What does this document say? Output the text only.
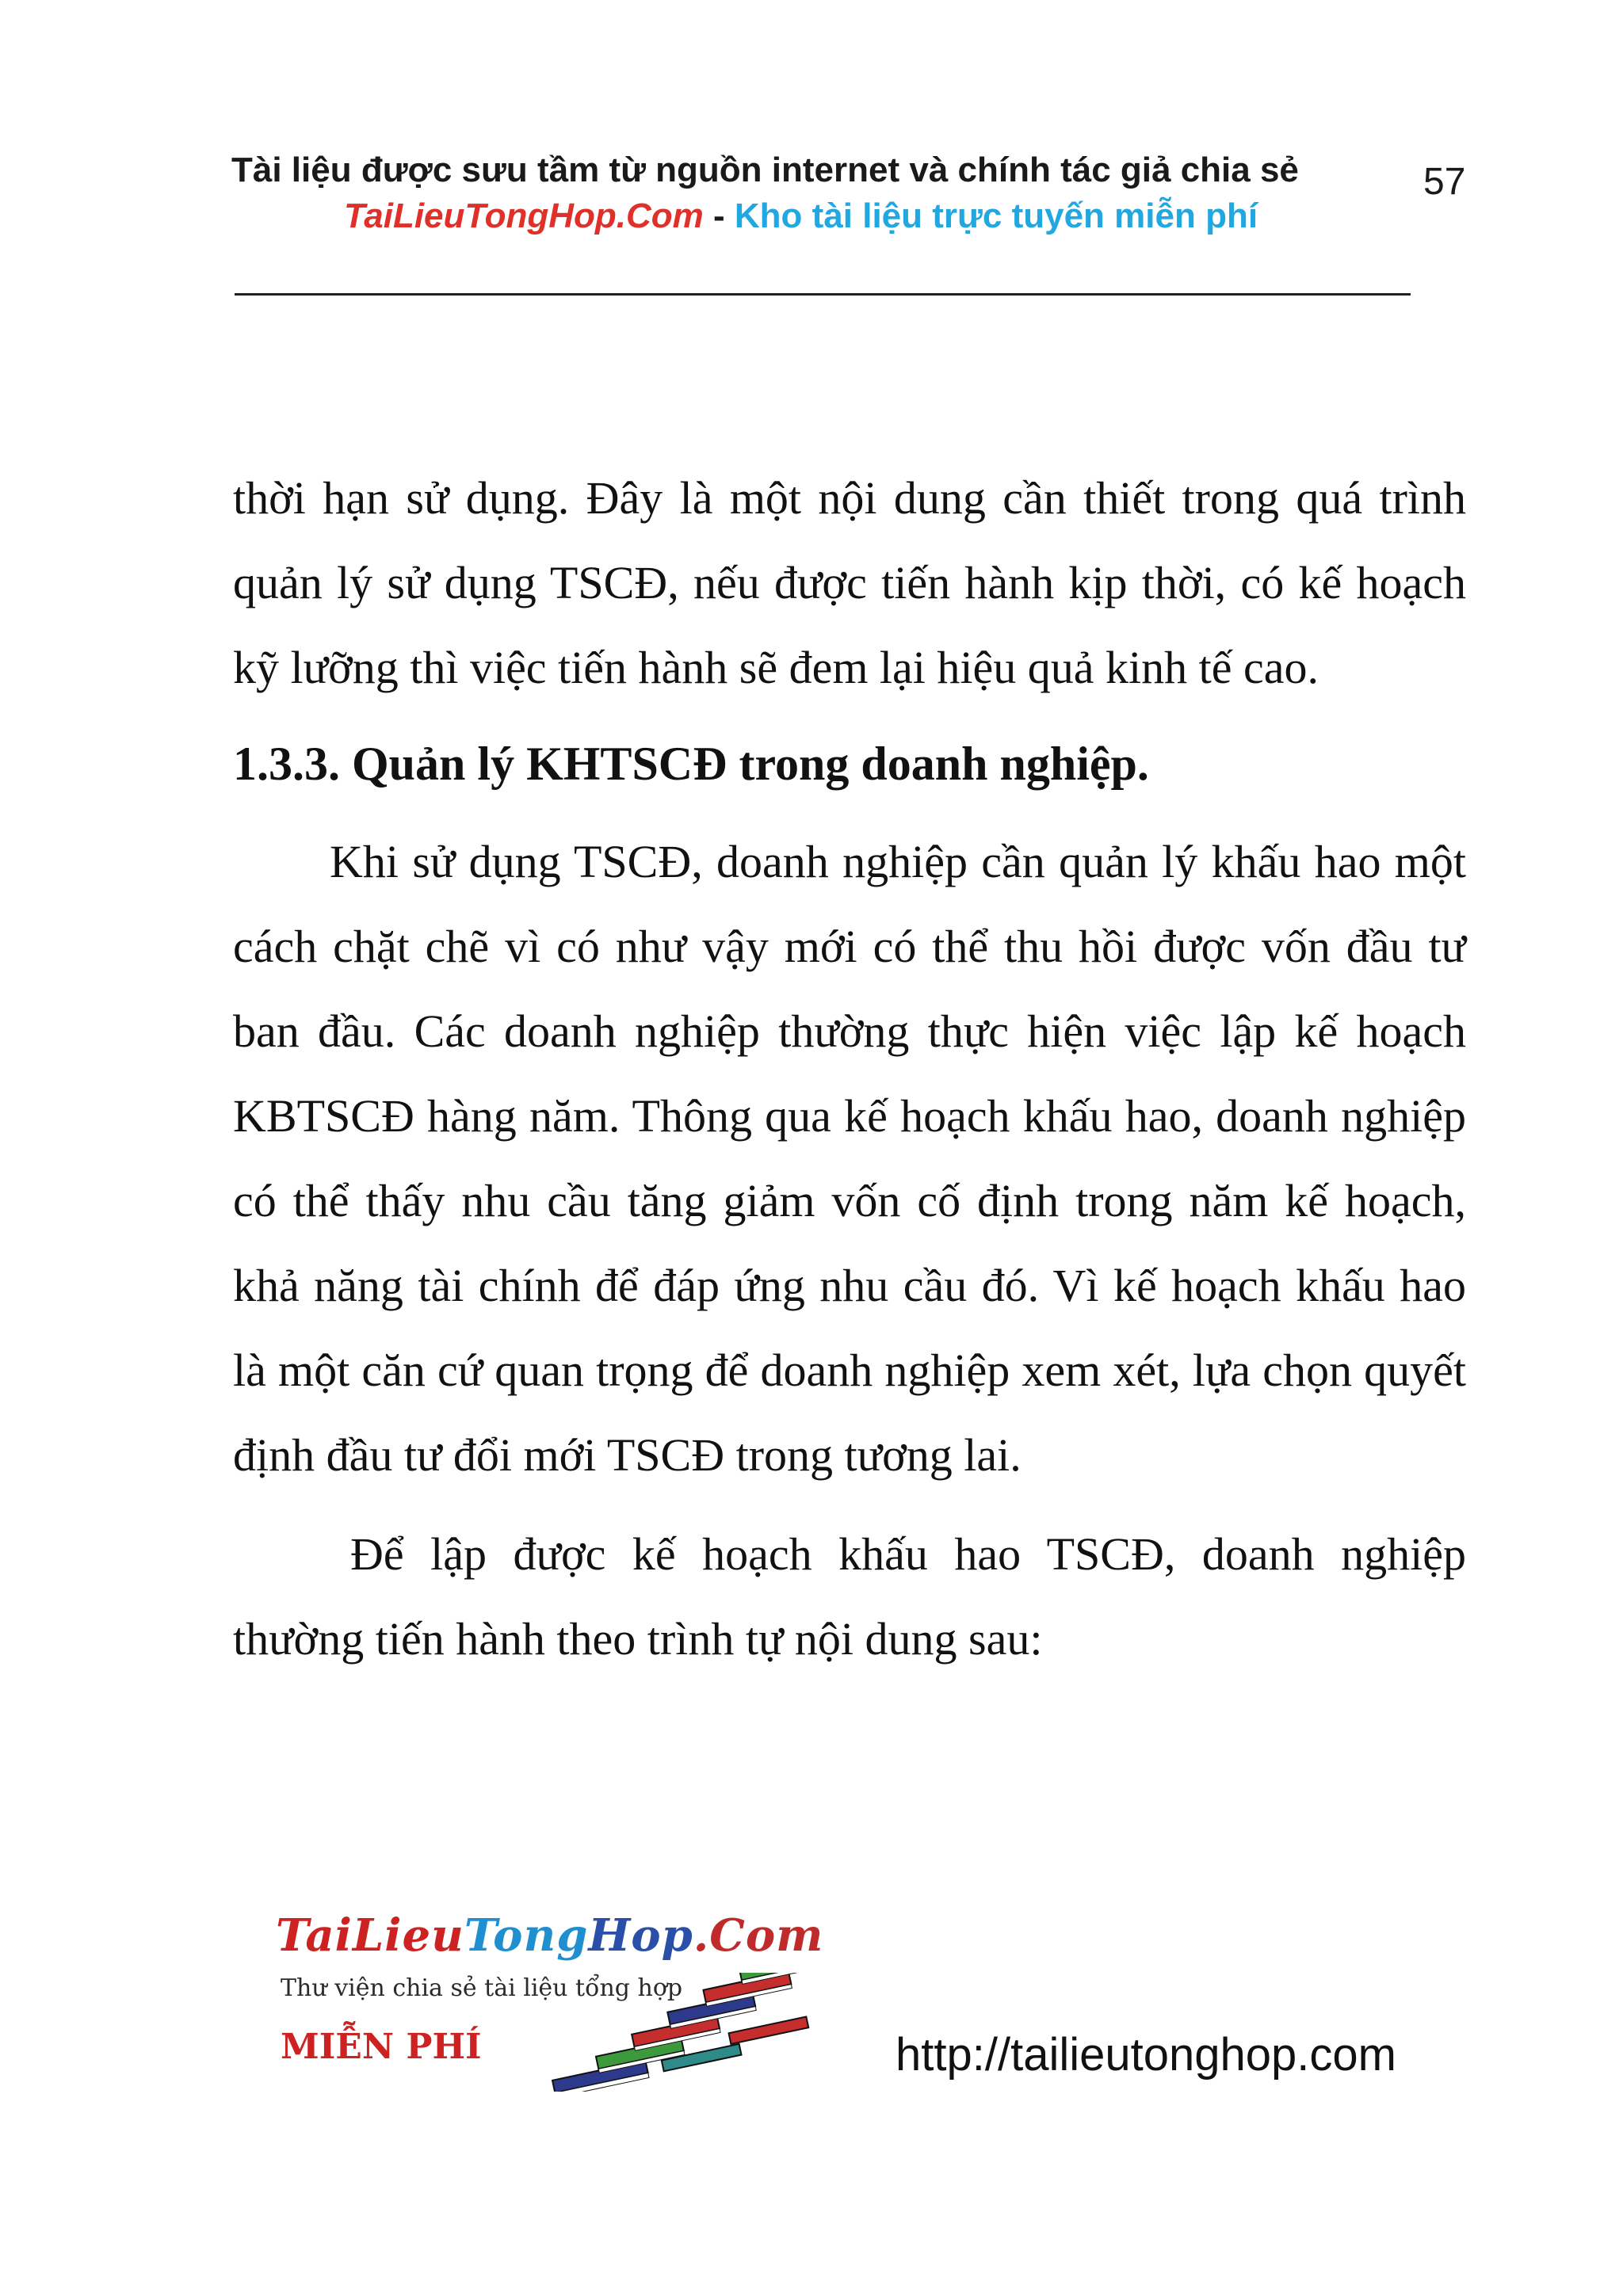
Tài liệu được sưu tầm từ nguồn internet và chính tác giả chia sẻ	57
TaiLieuTongHop.Com - Kho tài liệu trực tuyến miễn phí

thời hạn sử dụng. Đây là một nội dung cần thiết trong quá trình quản lý sử dụng TSCĐ, nếu được tiến hành kịp thời, có kế hoạch kỹ lưỡng thì việc tiến hành sẽ đem lại hiệu quả kinh tế cao.

1.3.3. Quản lý KHTSCĐ trong doanh nghiệp.

Khi sử dụng TSCĐ, doanh nghiệp cần quản lý khấu hao một cách chặt chẽ vì có như vậy mới có thể thu hồi được vốn đầu tư ban đầu. Các doanh nghiệp thường thực hiện việc lập kế hoạch KBTSCĐ hàng năm. Thông qua kế hoạch khấu hao, doanh nghiệp có thể thấy nhu cầu tăng giảm vốn cố định trong năm kế hoạch, khả năng tài chính để đáp ứng nhu cầu đó. Vì kế hoạch khấu hao là một căn cứ quan trọng để doanh nghiệp xem xét, lựa chọn quyết định đầu tư đổi mới TSCĐ trong tương lai.

Để lập được kế hoạch khấu hao TSCĐ, doanh nghiệp thường tiến hành theo trình tự nội dung sau:

TaiLieuTongHop.Com
Thư viện chia sẻ tài liệu tổng hợp
MIỄN PHÍ	http://tailieutonghop.com
